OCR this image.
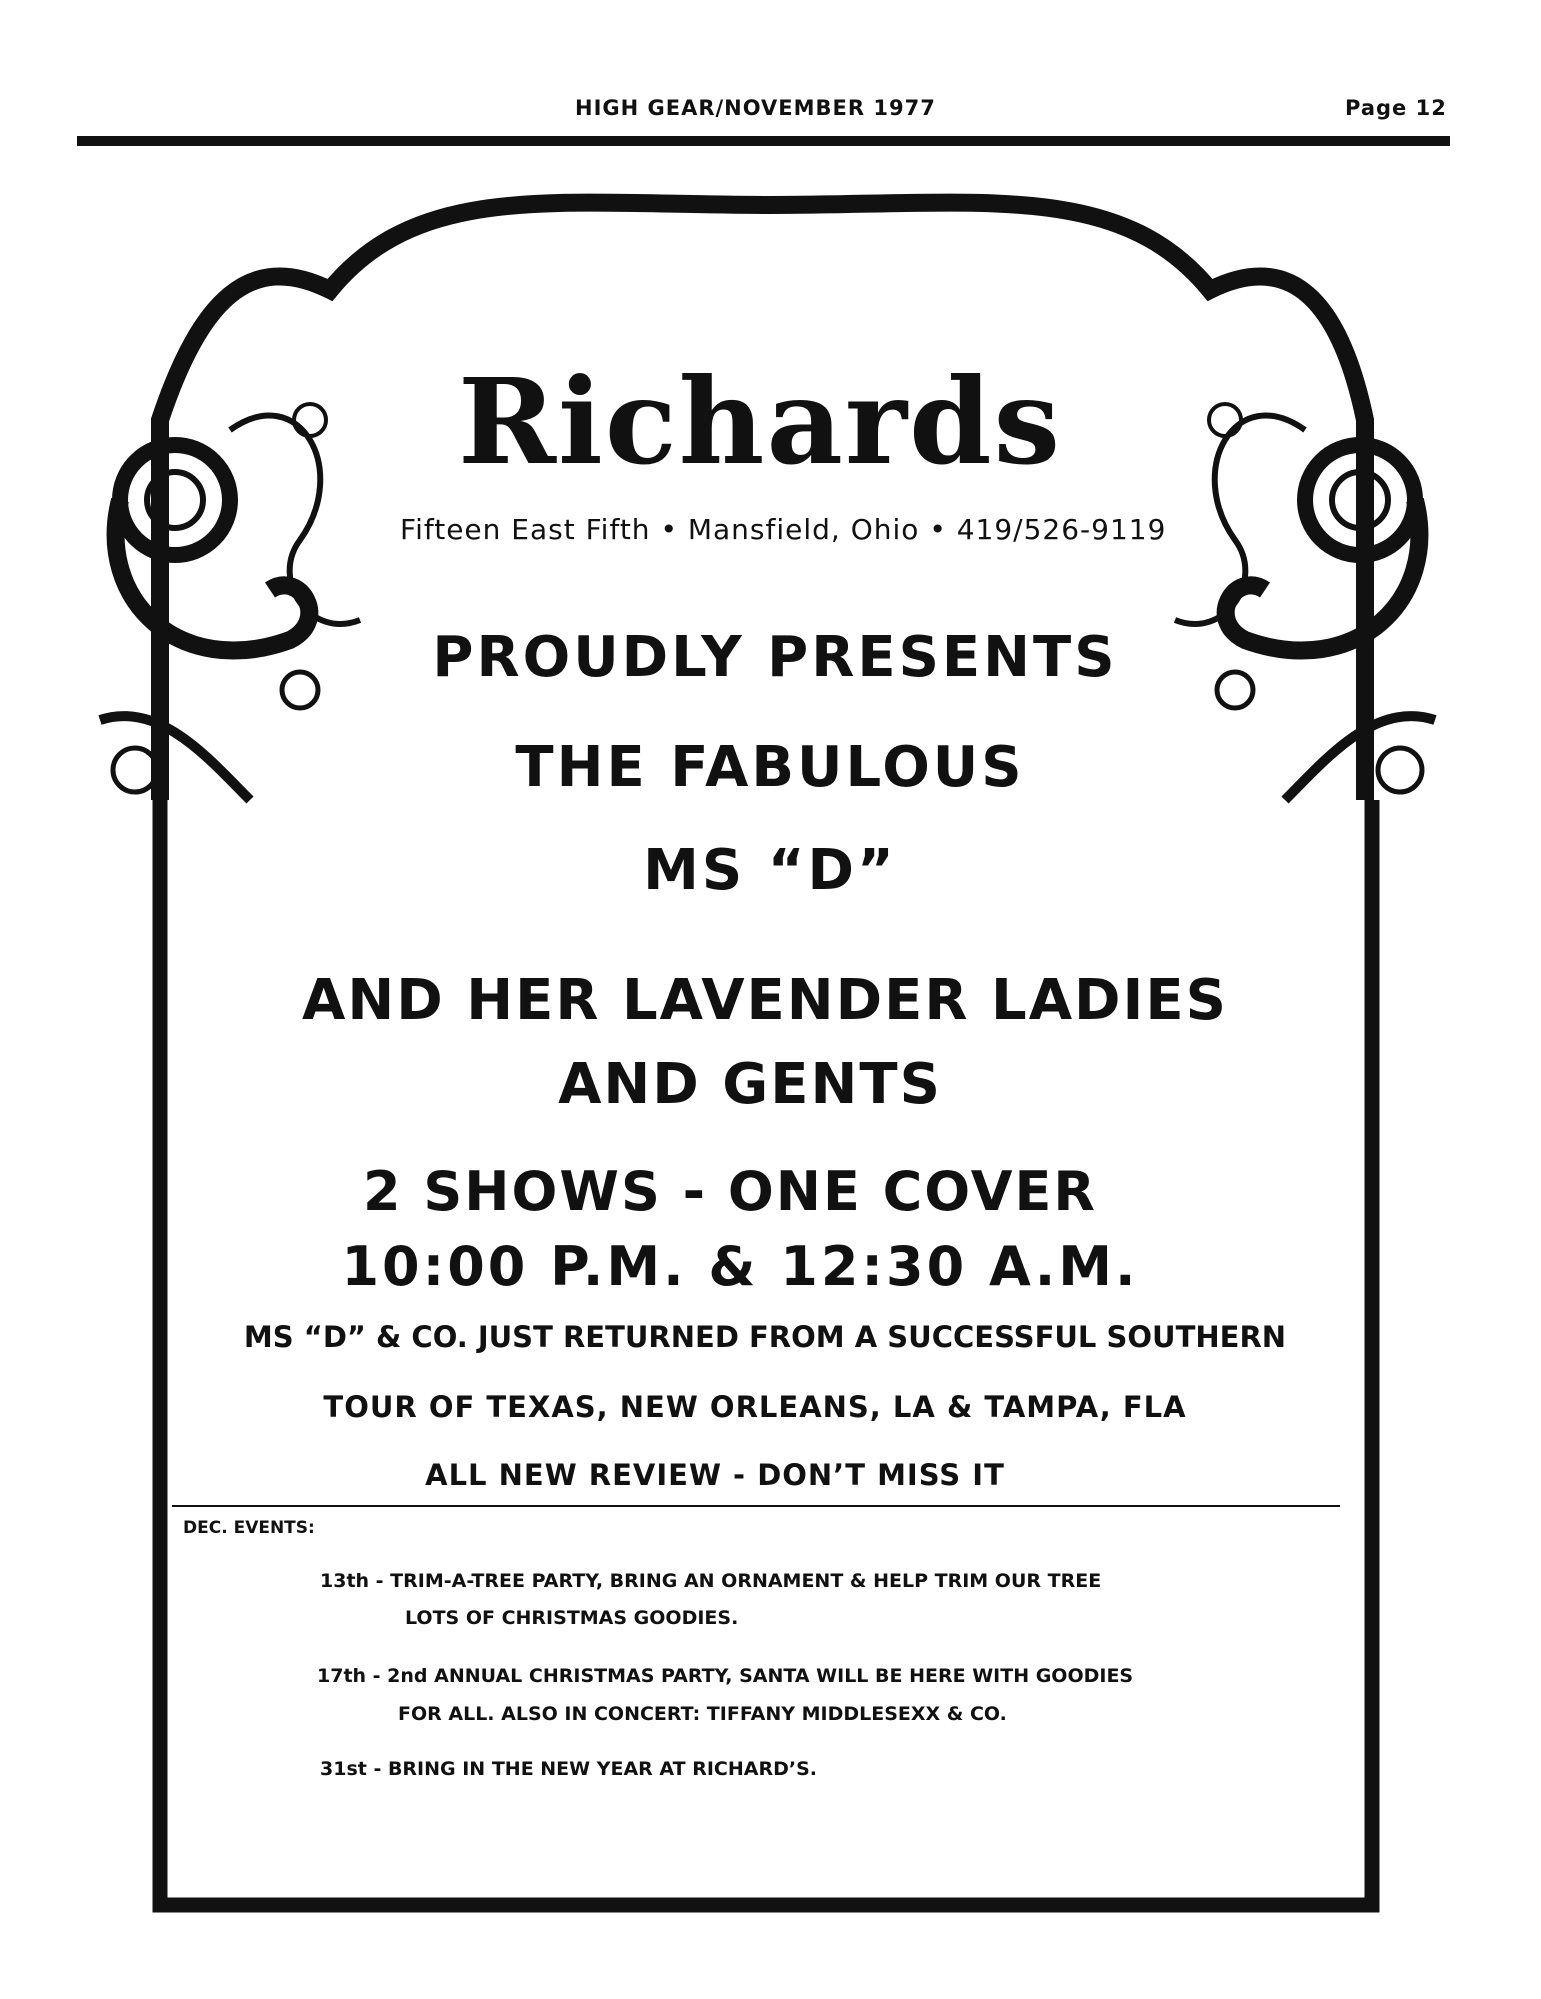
HIGH GEAR/NOVEMBER 1977	Page 12
Richards
Fifteen East Fifth • Mansfield, Ohio • 419/526-9119
PROUDLY PRESENTS
THE FABULOUS
MS “D”
AND HER LAVENDER LADIES
AND GENTS
2 SHOWS - ONE COVER
10:00 P.M. & 12:30 A.M.
MS “D” & CO. JUST RETURNED FROM A SUCCESSFUL SOUTHERN
TOUR OF TEXAS, NEW ORLEANS, LA & TAMPA, FLA
ALL NEW REVIEW - DON’T MISS IT
DEC. EVENTS:
13th - TRIM-A-TREE PARTY, BRING AN ORNAMENT & HELP TRIM OUR TREE
LOTS OF CHRISTMAS GOODIES.
17th - 2nd ANNUAL CHRISTMAS PARTY, SANTA WILL BE HERE WITH GOODIES
FOR ALL. ALSO IN CONCERT: TIFFANY MIDDLESEXX & CO.
31st - BRING IN THE NEW YEAR AT RICHARD’S.
